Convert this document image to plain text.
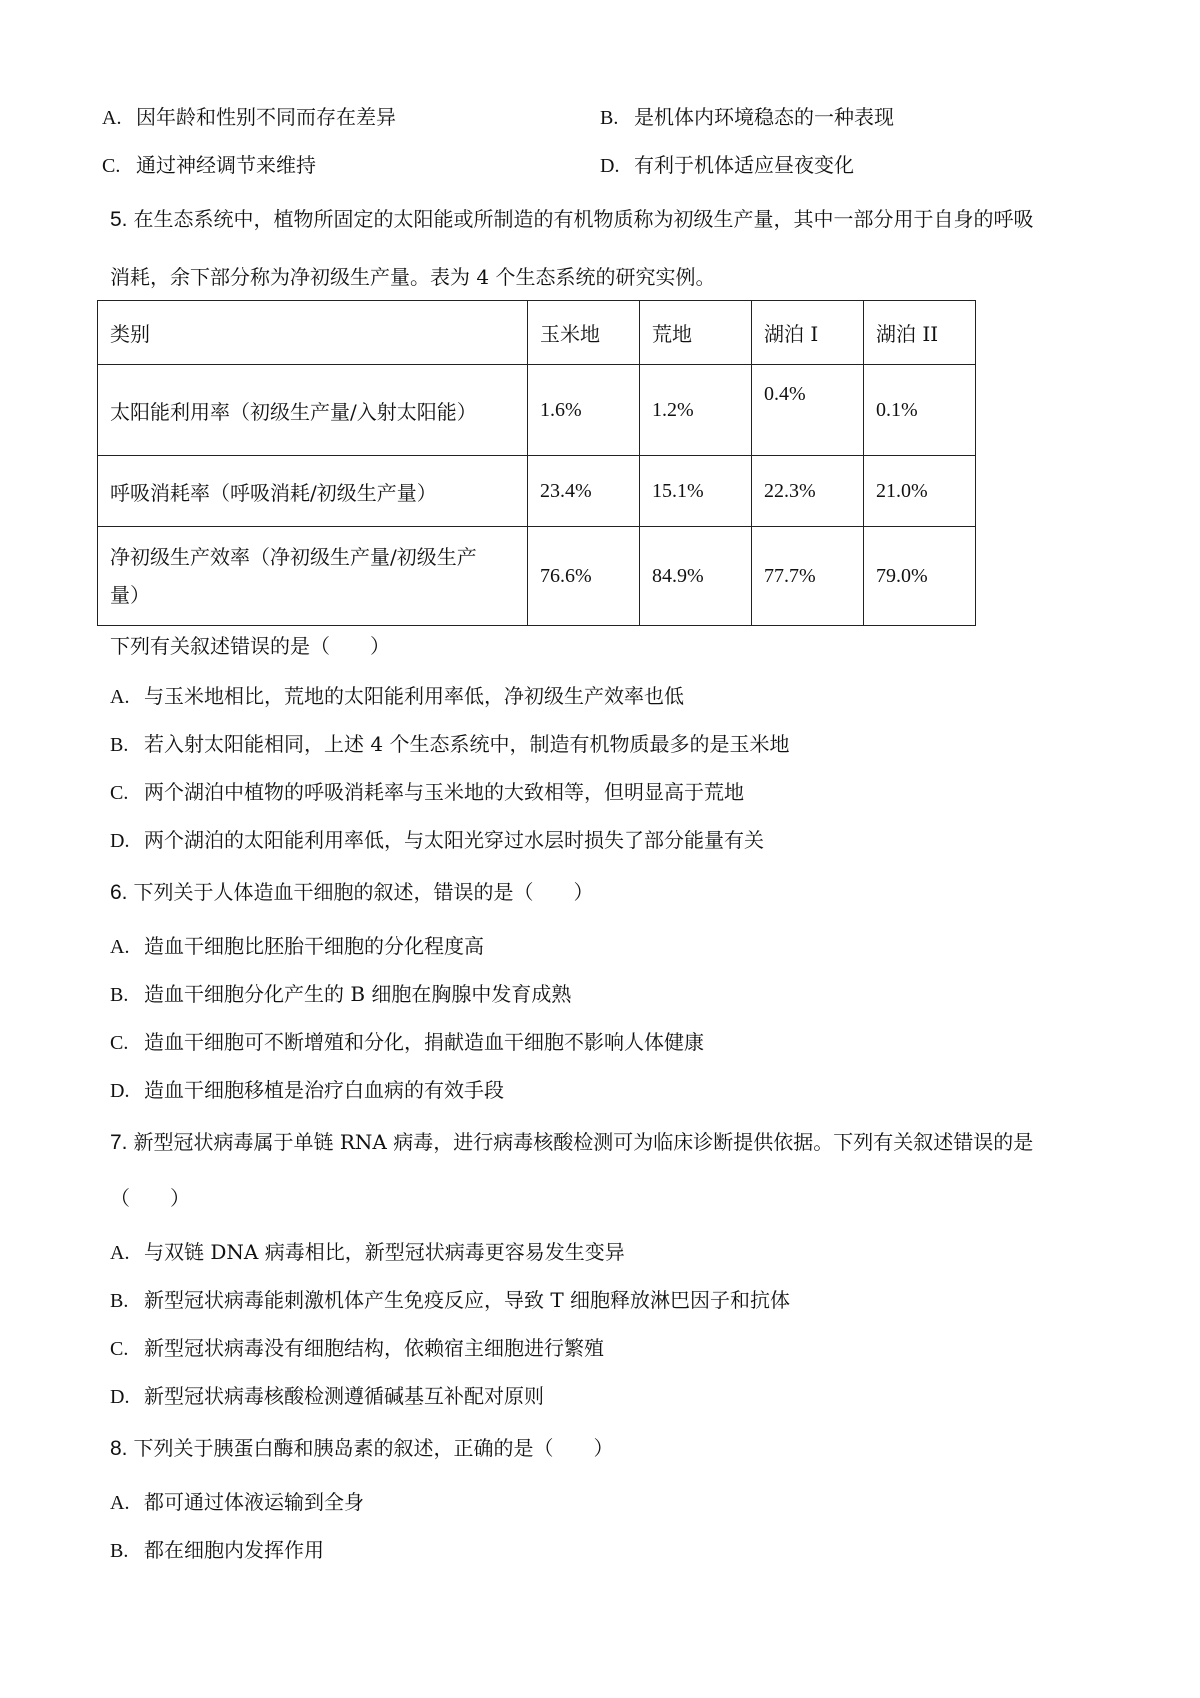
A. 因年龄和性别不同而存在差异	B. 是机体内环境稳态的一种表现
C. 通过神经调节来维持	D. 有利于机体适应昼夜变化
5. 在生态系统中，植物所固定的太阳能或所制造的有机物质称为初级生产量，其中一部分用于自身的呼吸
消耗，余下部分称为净初级生产量。表为 4 个生态系统的研究实例。
类别	玉米地	荒地	湖泊 I	湖泊 II
太阳能利用率（初级生产量/入射太阳能）	1.6%	1.2%	0.4%	0.1%
呼吸消耗率（呼吸消耗/初级生产量）	23.4%	15.1%	22.3%	21.0%

净初级生产效率（净初级生产量/初级生产量）	76.6%	84.9%	77.7%	79.0%
下列有关叙述错误的是（　　）
A. 与玉米地相比，荒地的太阳能利用率低，净初级生产效率也低
B. 若入射太阳能相同，上述 4 个生态系统中，制造有机物质最多的是玉米地
C. 两个湖泊中植物的呼吸消耗率与玉米地的大致相等，但明显高于荒地
D. 两个湖泊的太阳能利用率低，与太阳光穿过水层时损失了部分能量有关
6. 下列关于人体造血干细胞的叙述，错误的是（　　）
A. 造血干细胞比胚胎干细胞的分化程度高
B. 造血干细胞分化产生的 B 细胞在胸腺中发育成熟
C. 造血干细胞可不断增殖和分化，捐献造血干细胞不影响人体健康
D. 造血干细胞移植是治疗白血病的有效手段
7. 新型冠状病毒属于单链 RNA 病毒，进行病毒核酸检测可为临床诊断提供依据。下列有关叙述错误的是
（　　）
A. 与双链 DNA 病毒相比，新型冠状病毒更容易发生变异
B. 新型冠状病毒能刺激机体产生免疫反应，导致 T 细胞释放淋巴因子和抗体
C. 新型冠状病毒没有细胞结构，依赖宿主细胞进行繁殖
D. 新型冠状病毒核酸检测遵循碱基互补配对原则
8. 下列关于胰蛋白酶和胰岛素的叙述，正确的是（　　）
A. 都可通过体液运输到全身
B. 都在细胞内发挥作用
